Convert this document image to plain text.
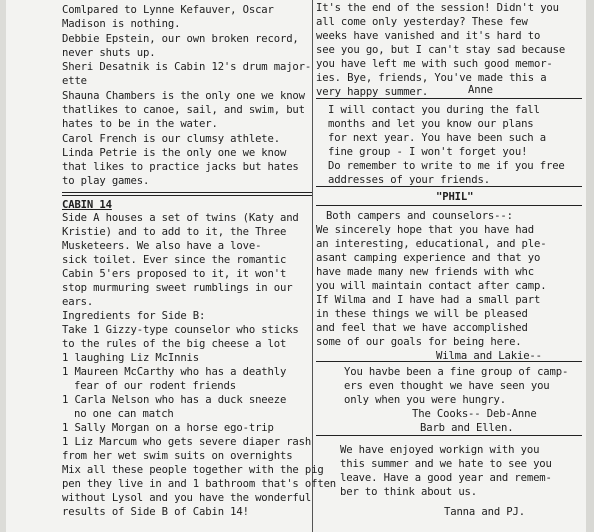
Comlpared to Lynne Kefauver, Oscar
Madison is nothing.
Debbie Epstein, our own broken record,
never shuts up.
Sheri Desatnik is Cabin 12's drum major-
ette
Shauna Chambers is the only one we know
thatlikes to canoe, sail, and swim, but
hates to be in the water.
Carol French is our clumsy athlete.
Linda Petrie is the only one we know
that likes to practice jacks but hates
to play games.
CABIN 14
Side A houses a set of twins (Katy and
Kristie) and to add to it, the Three
Musketeers. We also have a love-
sick toilet. Ever since the romantic
Cabin 5'ers proposed to it, it won't
stop murmuring sweet rumblings in our
ears.
Ingredients for Side B:
Take 1 Gizzy-type counselor who sticks
to the rules of the big cheese a lot
1 laughing Liz McInnis
1 Maureen McCarthy who has a deathly
fear of our rodent friends
1 Carla Nelson who has a duck sneeze
no one can match
1 Sally Morgan on a horse ego-trip
1 Liz Marcum who gets severe diaper rash
from her wet swim suits on overnights
Mix all these people together with the pig
pen they live in and 1 bathroom that's often
without Lysol and you have the wonderful
results of Side B of Cabin 14!
It's the end of the session! Didn't you
all come only yesterday? These few
weeks have vanished and it's hard to
see you go, but I can't stay sad because
you have left me with such good memor-
ies. Bye, friends, You've made this a
very happy summer.	Anne
I will contact you during the fall
months and let you know our plans
for next year. You have been such a
fine group - I won't forget you!
Do remember to write to me if you free
addresses of your friends.
"PHIL"
Both campers and counselors--:
We sincerely hope that you have had
an interesting, educational, and ple-
asant camping experience and that yo
have made many new friends with whc
you will maintain contact after camp.
If Wilma and I have had a small part
in these things we will be pleased
and feel that we have accomplished
some of our goals for being here.
Wilma and Lakie--
You havbe been a fine group of camp-
ers even thought we have seen you
only when you were hungry.
The Cooks-- Deb-Anne
Barb and Ellen.
We have enjoyed workign with you
this summer and we hate to see you
leave. Have a good year and remem-
ber to think about us.
Tanna and PJ.
